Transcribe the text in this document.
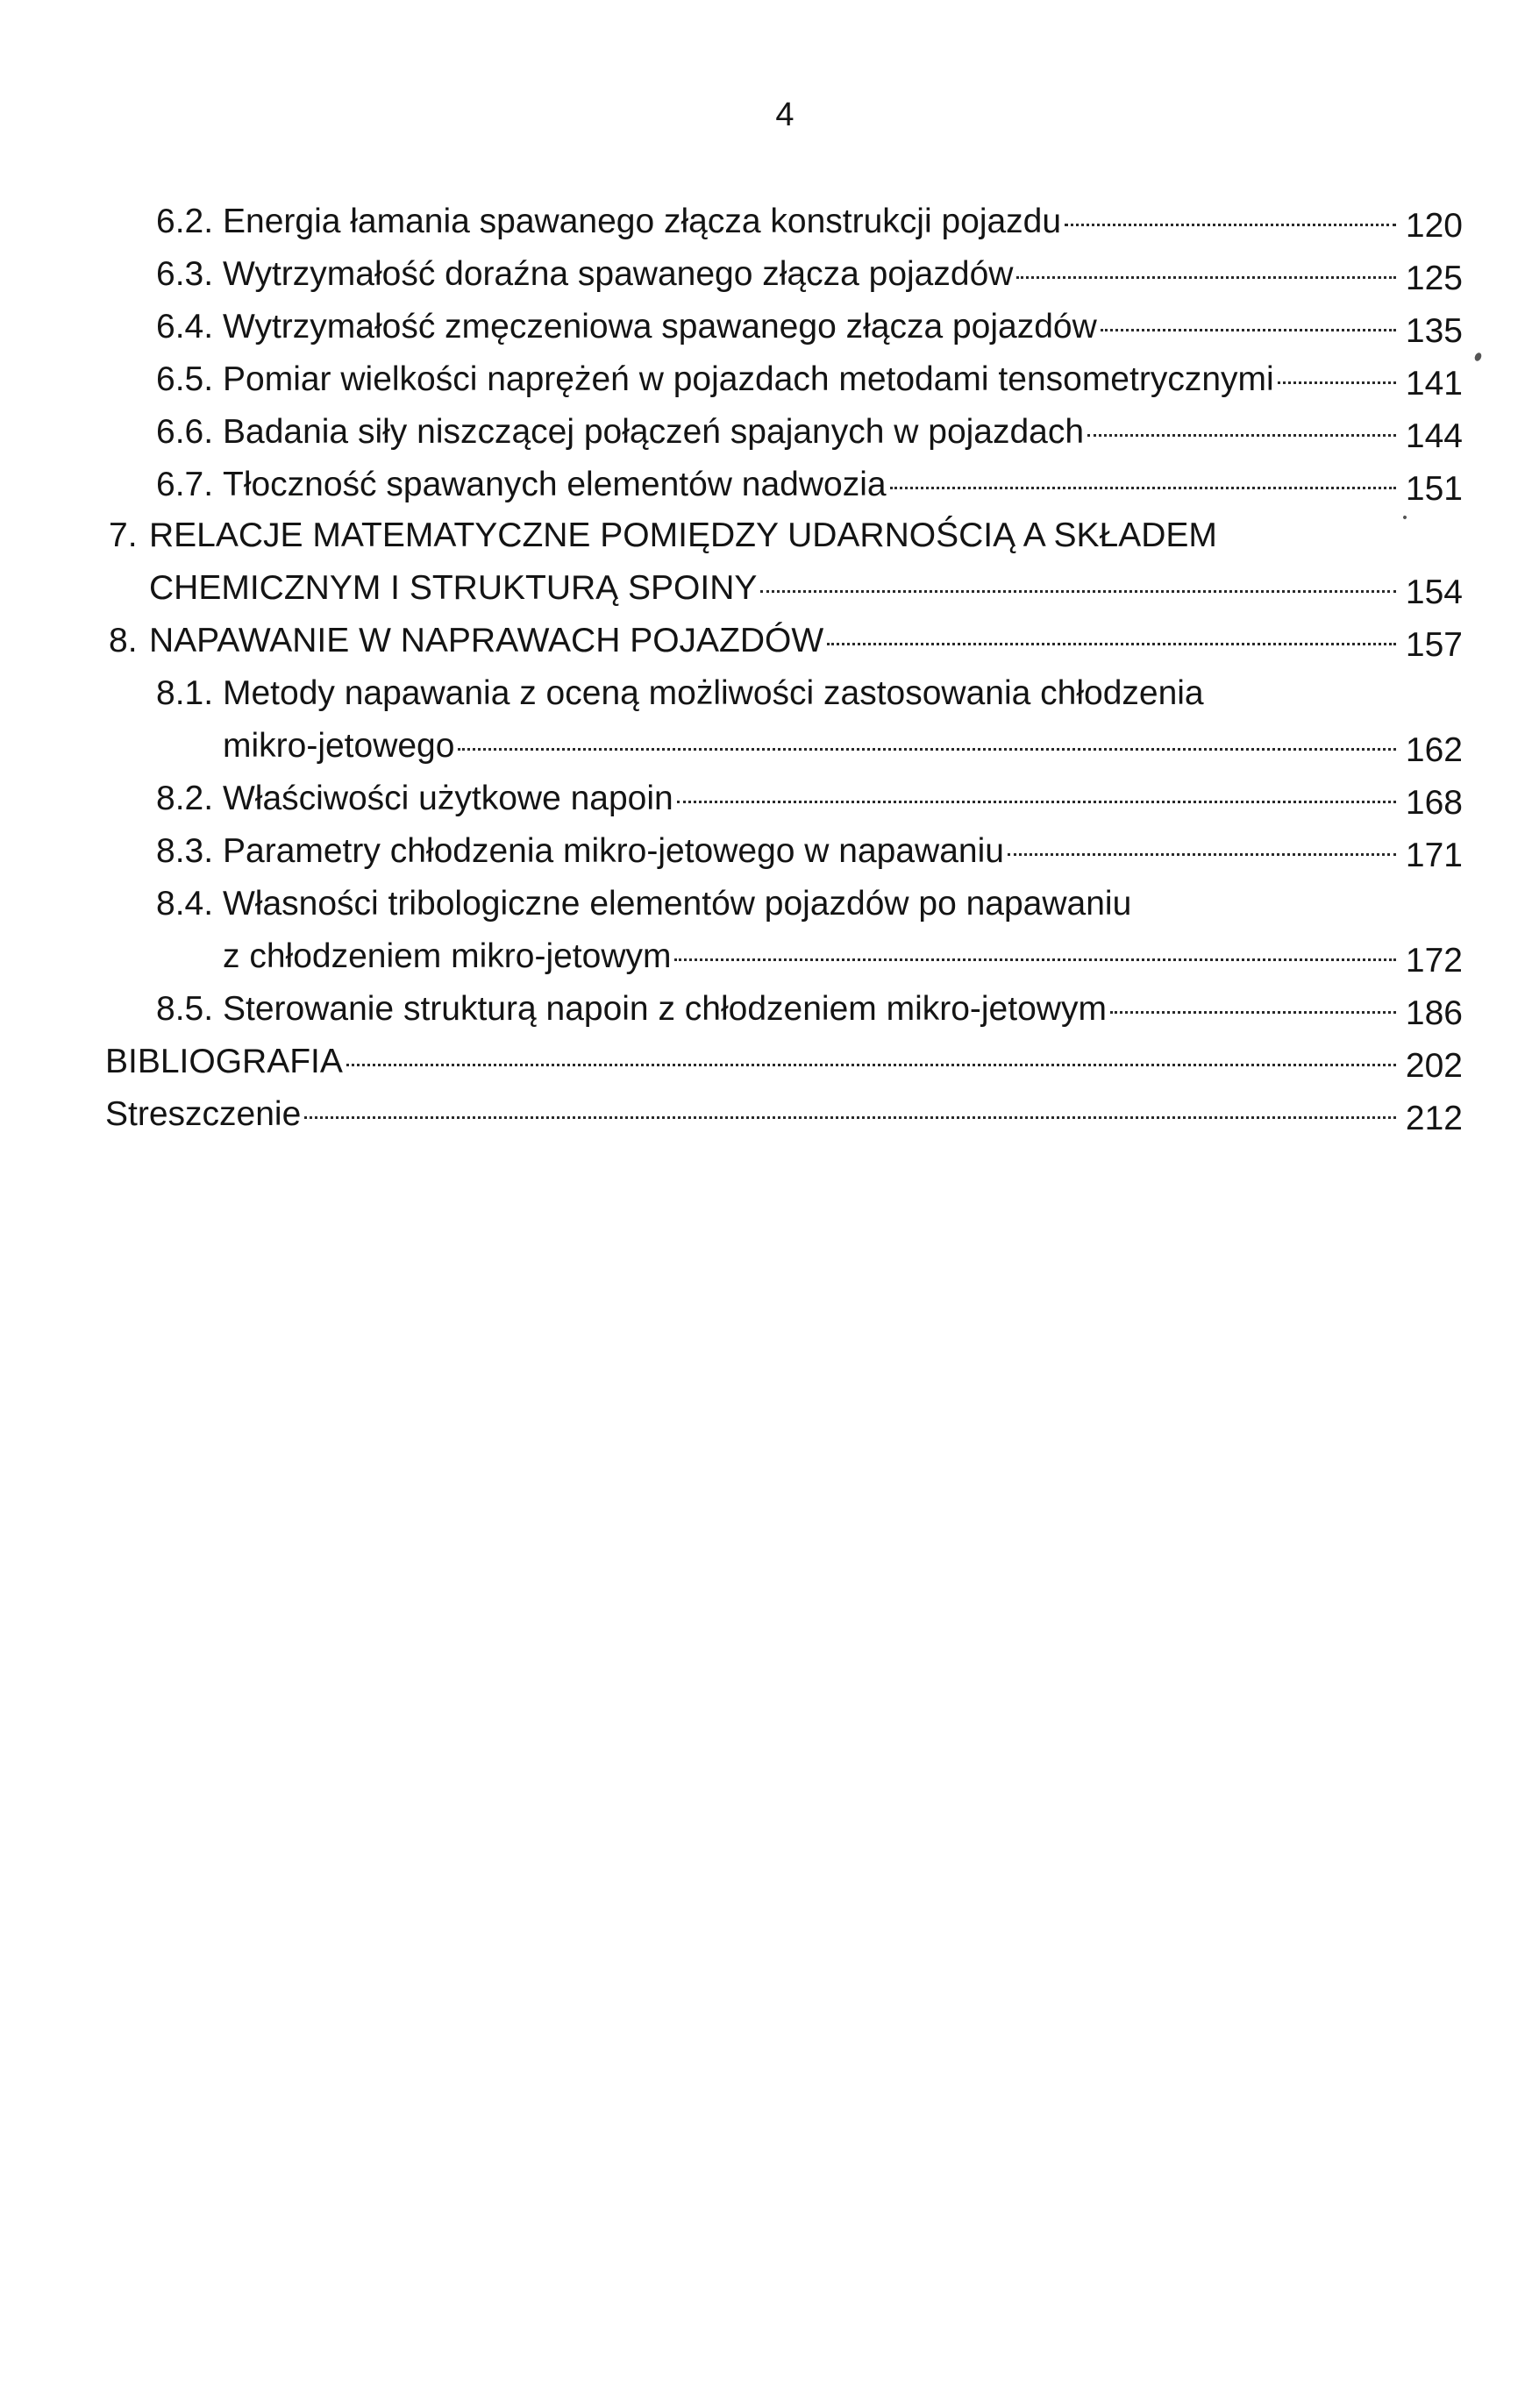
4
6.2. Energia łamania spawanego złącza konstrukcji pojazdu	120
6.3. Wytrzymałość doraźna spawanego złącza pojazdów	125
6.4. Wytrzymałość zmęczeniowa spawanego złącza pojazdów	135
6.5. Pomiar wielkości naprężeń w pojazdach metodami tensometrycznymi	141
6.6. Badania siły niszczącej połączeń spajanych w pojazdach	144
6.7. Tłoczność spawanych elementów nadwozia	151
7. RELACJE MATEMATYCZNE POMIĘDZY UDARNOŚCIĄ A SKŁADEM
CHEMICZNYM I STRUKTURĄ SPOINY	154
8. NAPAWANIE W NAPRAWACH POJAZDÓW	157
8.1. Metody napawania z oceną możliwości zastosowania chłodzenia
mikro-jetowego	162
8.2. Właściwości użytkowe napoin	168
8.3. Parametry chłodzenia mikro-jetowego w napawaniu	171
8.4. Własności tribologiczne elementów pojazdów po napawaniu
z chłodzeniem mikro-jetowym	172
8.5. Sterowanie strukturą napoin z chłodzeniem mikro-jetowym	186
BIBLIOGRAFIA	202
Streszczenie	212
